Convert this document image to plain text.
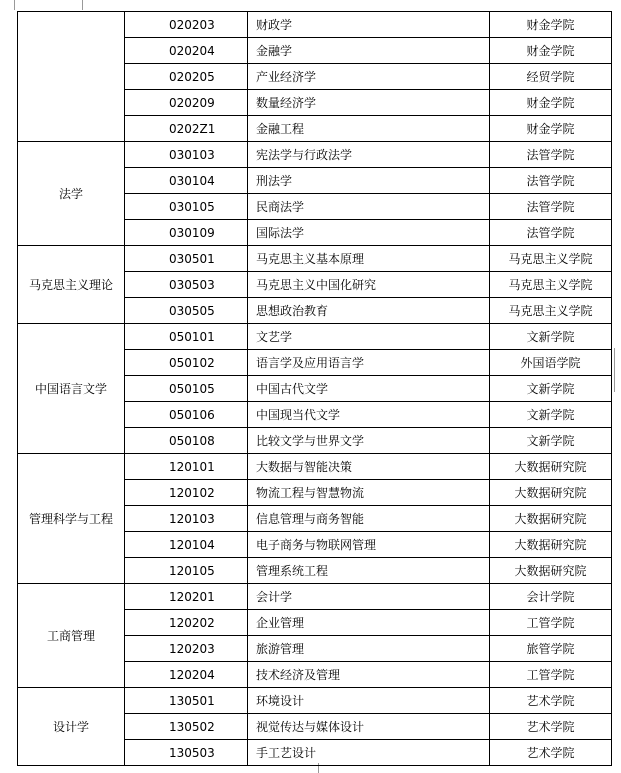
	020203	财政学	财金学院
	020204	金融学	财金学院
	020205	产业经济学	经贸学院
	020209	数量经济学	财金学院
	0202Z1	金融工程	财金学院
法学	030103	宪法学与行政法学	法管学院
	030104	刑法学	法管学院
	030105	民商法学	法管学院
	030109	国际法学	法管学院
马克思主义理论	030501	马克思主义基本原理	马克思主义学院
	030503	马克思主义中国化研究	马克思主义学院
	030505	思想政治教育	马克思主义学院
中国语言文学	050101	文艺学	文新学院
	050102	语言学及应用语言学	外国语学院
	050105	中国古代文学	文新学院
	050106	中国现当代文学	文新学院
	050108	比较文学与世界文学	文新学院
管理科学与工程	120101	大数据与智能决策	大数据研究院
	120102	物流工程与智慧物流	大数据研究院
	120103	信息管理与商务智能	大数据研究院
	120104	电子商务与物联网管理	大数据研究院
	120105	管理系统工程	大数据研究院
工商管理	120201	会计学	会计学院
	120202	企业管理	工管学院
	120203	旅游管理	旅管学院
	120204	技术经济及管理	工管学院
设计学	130501	环境设计	艺术学院
	130502	视觉传达与媒体设计	艺术学院
	130503	手工艺设计	艺术学院
